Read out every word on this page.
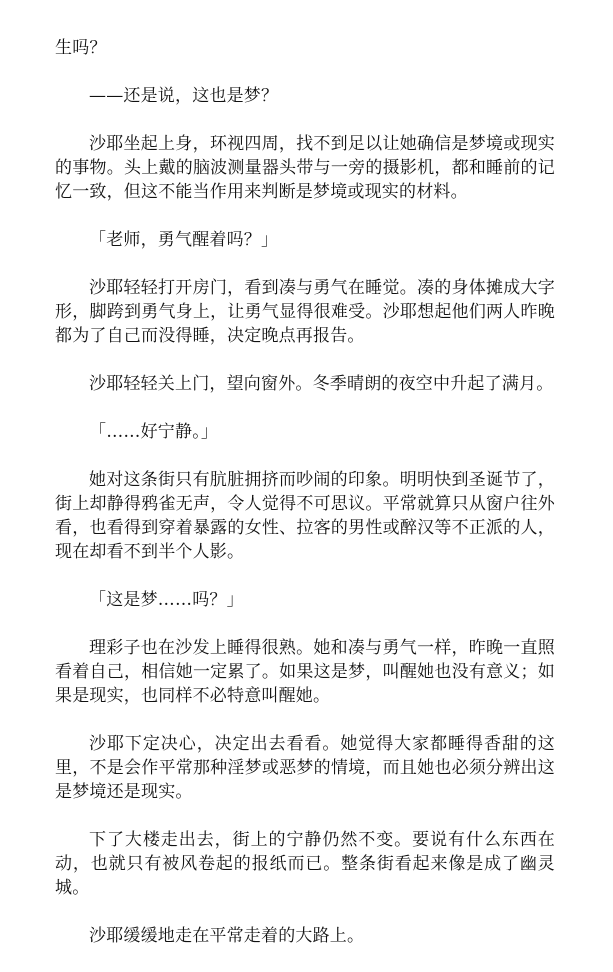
生吗？

——还是说，这也是梦？

沙耶坐起上身，环视四周，找不到足以让她确信是梦境或现实的事物。头上戴的脑波测量器头带与一旁的摄影机，都和睡前的记忆一致，但这不能当作用来判断是梦境或现实的材料。

「老师，勇气醒着吗？」

沙耶轻轻打开房门，看到凑与勇气在睡觉。凑的身体摊成大字形，脚跨到勇气身上，让勇气显得很难受。沙耶想起他们两人昨晚都为了自己而没得睡，决定晚点再报告。

沙耶轻轻关上门，望向窗外。冬季晴朗的夜空中升起了满月。

「……好宁静。」

她对这条街只有肮脏拥挤而吵闹的印象。明明快到圣诞节了，街上却静得鸦雀无声，令人觉得不可思议。平常就算只从窗户往外看，也看得到穿着暴露的女性、拉客的男性或醉汉等不正派的人，现在却看不到半个人影。

「这是梦……吗？」

理彩子也在沙发上睡得很熟。她和凑与勇气一样，昨晚一直照看着自己，相信她一定累了。如果这是梦，叫醒她也没有意义；如果是现实，也同样不必特意叫醒她。

沙耶下定决心，决定出去看看。她觉得大家都睡得香甜的这里，不是会作平常那种淫梦或恶梦的情境，而且她也必须分辨出这是梦境还是现实。

下了大楼走出去，街上的宁静仍然不变。要说有什么东西在动，也就只有被风卷起的报纸而已。整条街看起来像是成了幽灵城。

沙耶缓缓地走在平常走着的大路上。
